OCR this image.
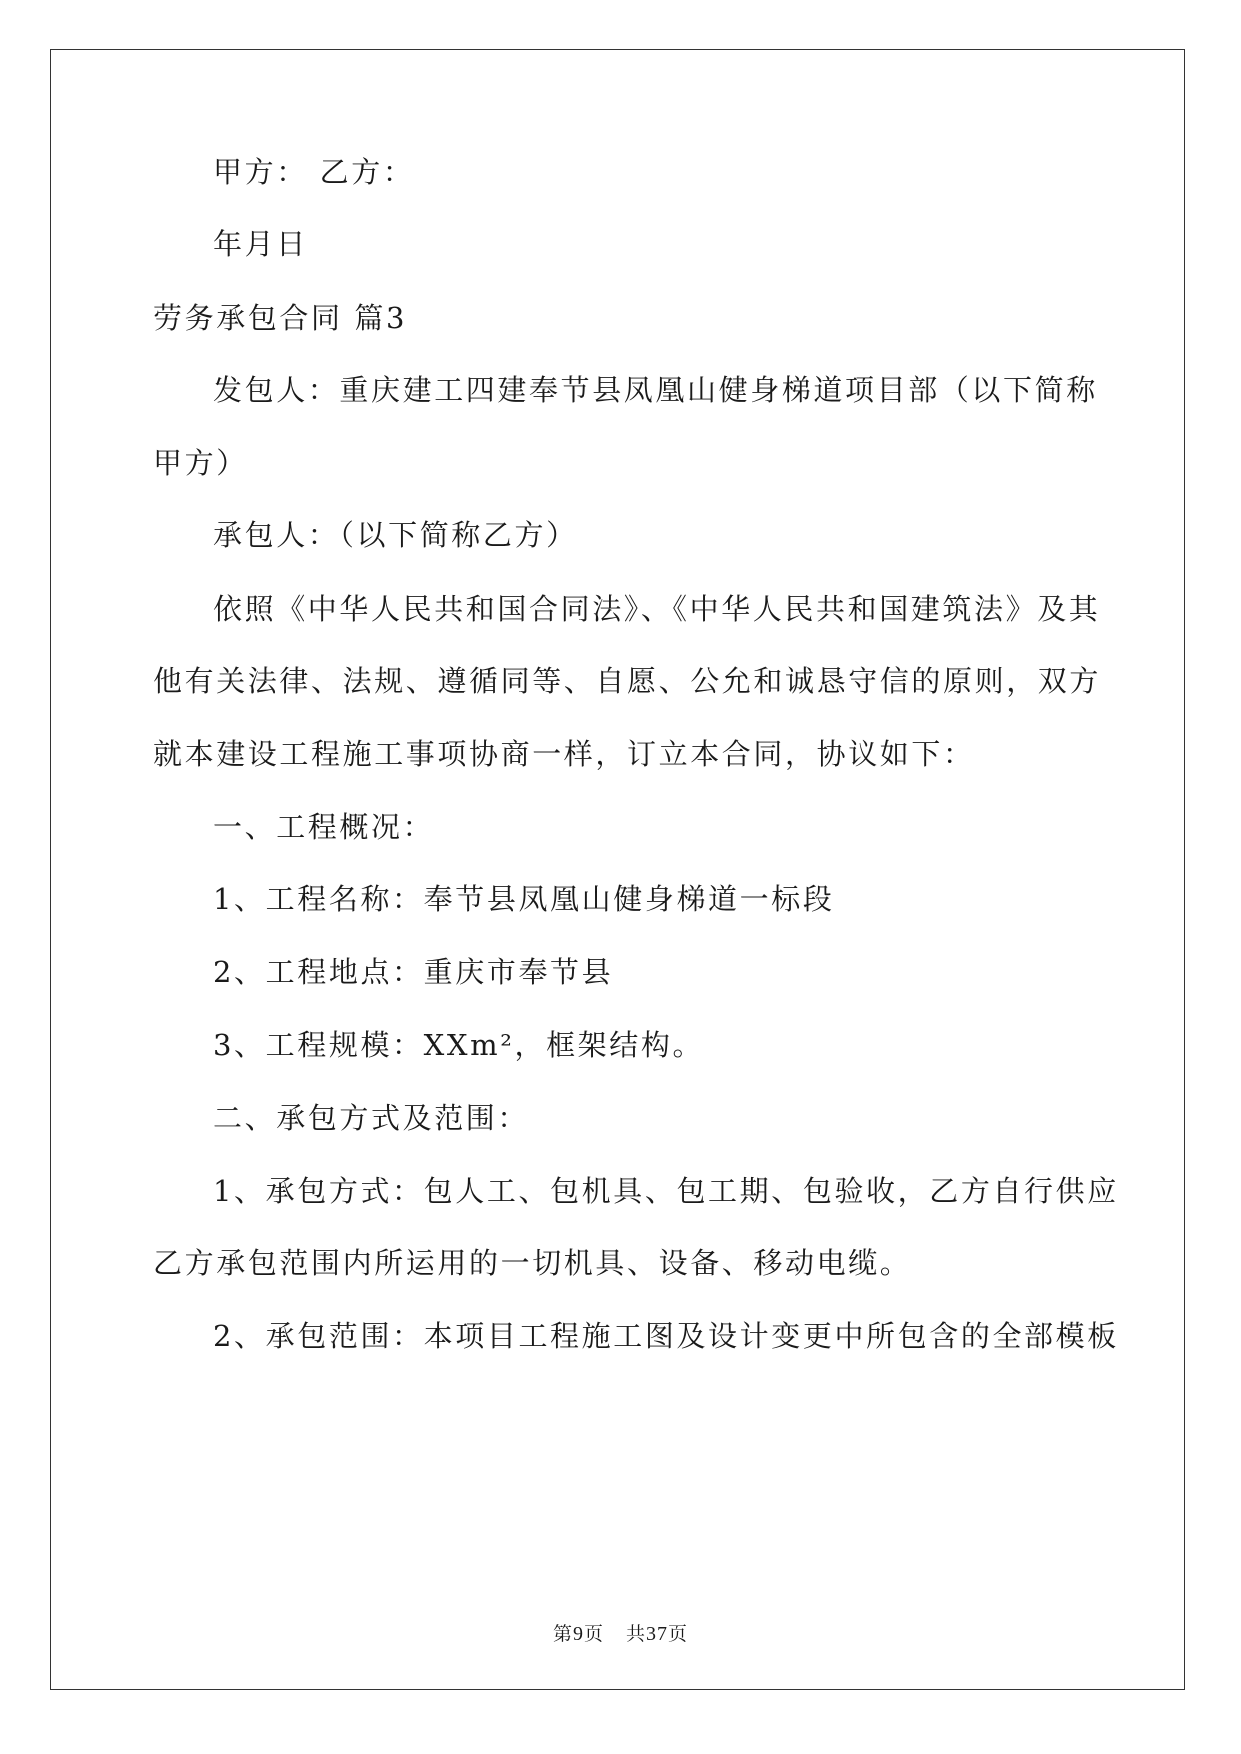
甲方： 乙方：
年月日
劳务承包合同 篇3
发包人：重庆建工四建奉节县凤凰山健身梯道项目部（以下简称
甲方）
承包人：（以下简称乙方）
依照《中华人民共和国合同法》、《中华人民共和国建筑法》及其
他有关法律、法规、遵循同等、自愿、公允和诚恳守信的原则，双方
就本建设工程施工事项协商一样，订立本合同，协议如下：
一、工程概况：
1、工程名称：奉节县凤凰山健身梯道一标段
2、工程地点：重庆市奉节县
3、工程规模：XXm²，框架结构。
二、承包方式及范围：
1、承包方式：包人工、包机具、包工期、包验收，乙方自行供应
乙方承包范围内所运用的一切机具、设备、移动电缆。
2、承包范围：本项目工程施工图及设计变更中所包含的全部模板
第9页 共37页
